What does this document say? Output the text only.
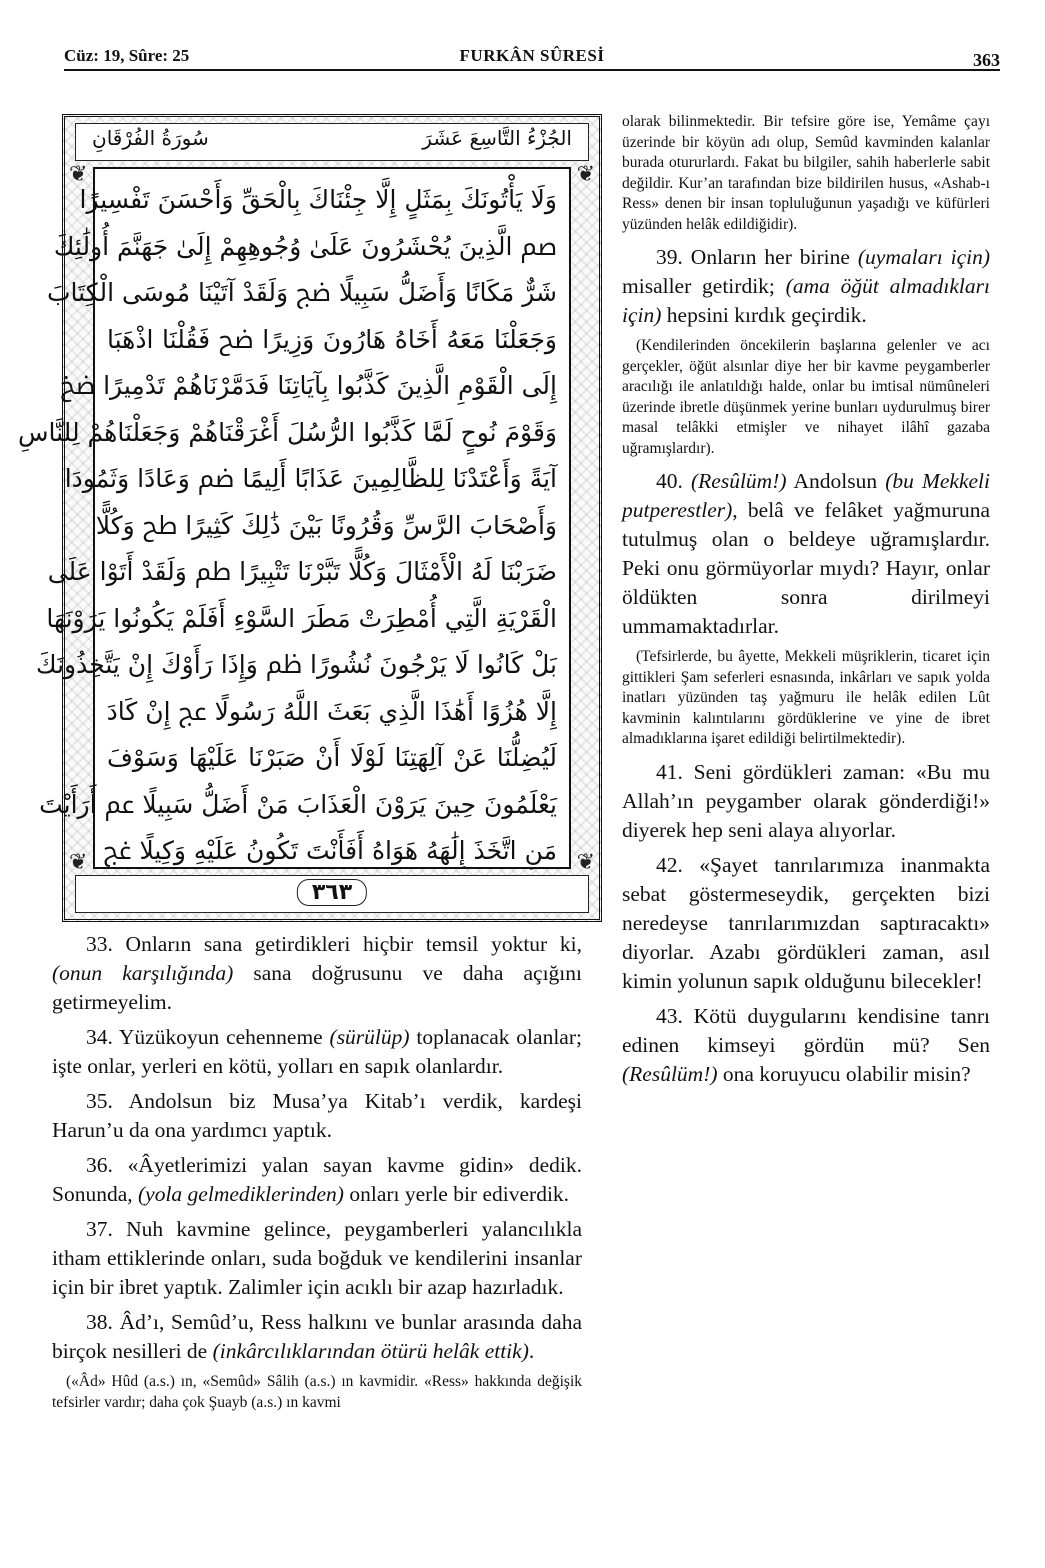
Cüz: 19, Sûre: 25	FURKÂN SÛRESİ	363
سُورَةُ الفُرْقَانِ	الجُزْءُ التَّاسِعَ عَشَرَ
وَلَا يَأْتُونَكَ بِمَثَلٍ إِلَّا جِئْنَاكَ بِالْحَقِّ وَأَحْسَنَ تَفْسِيرًا
ﰡ الَّذِينَ يُحْشَرُونَ عَلَىٰ وُجُوهِهِمْ إِلَىٰ جَهَنَّمَ أُولَٰئِكَ
شَرٌّ مَكَانًا وَأَضَلُّ سَبِيلًا ﰢ وَلَقَدْ آتَيْنَا مُوسَى الْكِتَابَ
وَجَعَلْنَا مَعَهُ أَخَاهُ هَارُونَ وَزِيرًا ﰣ فَقُلْنَا اذْهَبَا
إِلَى الْقَوْمِ الَّذِينَ كَذَّبُوا بِآيَاتِنَا فَدَمَّرْنَاهُمْ تَدْمِيرًا ﰤ
وَقَوْمَ نُوحٍ لَمَّا كَذَّبُوا الرُّسُلَ أَغْرَقْنَاهُمْ وَجَعَلْنَاهُمْ لِلنَّاسِ
آيَةً وَأَعْتَدْنَا لِلظَّالِمِينَ عَذَابًا أَلِيمًا ﰥ وَعَادًا وَثَمُودَا
وَأَصْحَابَ الرَّسِّ وَقُرُونًا بَيْنَ ذَٰلِكَ كَثِيرًا ﰦ وَكُلًّا
ضَرَبْنَا لَهُ الْأَمْثَالَ وَكُلًّا تَبَّرْنَا تَتْبِيرًا ﰧ وَلَقَدْ أَتَوْا عَلَى
الْقَرْيَةِ الَّتِي أُمْطِرَتْ مَطَرَ السَّوْءِ أَفَلَمْ يَكُونُوا يَرَوْنَهَا
بَلْ كَانُوا لَا يَرْجُونَ نُشُورًا ﰨ وَإِذَا رَأَوْكَ إِنْ يَتَّخِذُونَكَ
إِلَّا هُزُوًا أَهَٰذَا الَّذِي بَعَثَ اللَّهُ رَسُولًا ﰩ إِنْ كَادَ
لَيُضِلُّنَا عَنْ آلِهَتِنَا لَوْلَا أَنْ صَبَرْنَا عَلَيْهَا وَسَوْفَ
يَعْلَمُونَ حِينَ يَرَوْنَ الْعَذَابَ مَنْ أَضَلُّ سَبِيلًا ﰪ أَرَأَيْتَ
مَنِ اتَّخَذَ إِلَٰهَهُ هَوَاهُ أَفَأَنْتَ تَكُونُ عَلَيْهِ وَكِيلًا ﰫ
٣٦٣
❦	❦
❦	❦

33. Onların sana getirdikleri hiçbir temsil yoktur ki, (onun karşılığında) sana doğrusunu ve daha açığını getirmeyelim.

34. Yüzükoyun cehenneme (sürülüp) toplanacak olanlar; işte onlar, yerleri en kötü, yolları en sapık olanlardır.

35. Andolsun biz Musa’ya Kitab’ı verdik, kardeşi Harun’u da ona yardımcı yaptık.

36. «Âyetlerimizi yalan sayan kavme gidin» dedik. Sonunda, (yola gelmediklerinden) onları yerle bir ediverdik.

37. Nuh kavmine gelince, peygamberleri yalancılıkla itham ettiklerinde onları, suda boğduk ve kendilerini insanlar için bir ibret yaptık. Zalimler için acıklı bir azap hazırladık.

38. Âd’ı, Semûd’u, Ress halkını ve bunlar arasında daha birçok nesilleri de (inkârcılıklarından ötürü helâk ettik).

(«Âd» Hûd (a.s.) ın, «Semûd» Sâlih (a.s.) ın kavmidir. «Ress» hakkında değişik tefsirler vardır; daha çok Şuayb (a.s.) ın kavmi

olarak bilinmektedir. Bir tefsire göre ise, Yemâme çayı üzerinde bir köyün adı olup, Semûd kavminden kalanlar burada otururlardı. Fakat bu bilgiler, sahih haberlerle sabit değildir. Kur’an tarafından bize bildirilen husus, «Ashab-ı Ress» denen bir insan topluluğunun yaşadığı ve küfürleri yüzünden helâk edildiğidir).

39. Onların her birine (uymaları için) misaller getirdik; (ama öğüt almadıkları için) hepsini kırdık geçirdik.

(Kendilerinden öncekilerin başlarına gelenler ve acı gerçekler, öğüt alsınlar diye her bir kavme peygamberler aracılığı ile anlatıldığı halde, onlar bu imtisal nümûneleri üzerinde ibretle düşünmek yerine bunları uydurulmuş birer masal telâkki etmişler ve nihayet ilâhî gazaba uğramışlardır).

40. (Resûlüm!) Andolsun (bu Mekkeli putperestler), belâ ve felâket yağmuruna tutulmuş olan o beldeye uğramışlardır. Peki onu görmüyorlar mıydı? Hayır, onlar öldükten sonra dirilmeyi ummamaktadırlar.

(Tefsirlerde, bu âyette, Mekkeli müşriklerin, ticaret için gittikleri Şam seferleri esnasında, inkârları ve sapık yolda inatları yüzünden taş yağmuru ile helâk edilen Lût kavminin kalıntılarını gördüklerine ve yine de ibret almadıklarına işaret edildiği belirtilmektedir).

41. Seni gördükleri zaman: «Bu mu Allah’ın peygamber olarak gönderdiği!» diyerek hep seni alaya alıyorlar.

42. «Şayet tanrılarımıza inanmakta sebat göstermeseydik, gerçekten bizi neredeyse tanrılarımızdan saptıracaktı» diyorlar. Azabı gördükleri zaman, asıl kimin yolunun sapık olduğunu bilecekler!

43. Kötü duygularını kendisine tanrı edinen kimseyi gördün mü? Sen (Resûlüm!) ona koruyucu olabilir misin?
